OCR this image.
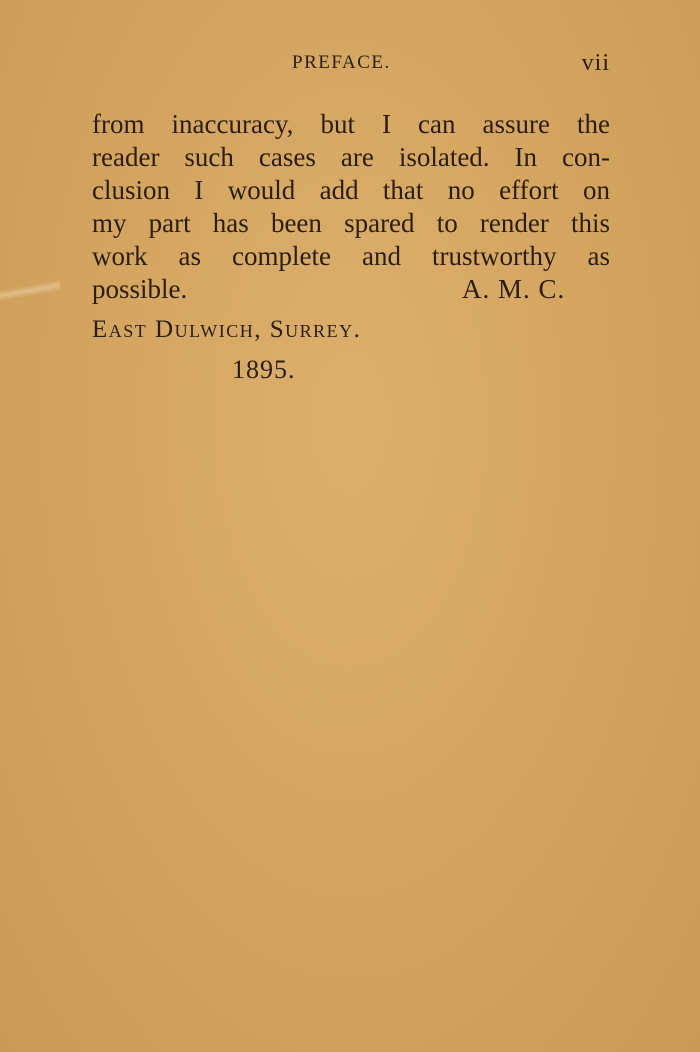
PREFACE.	vii
from inaccuracy, but I can assure the
reader such cases are isolated. In con-
clusion I would add that no effort on
my part has been spared to render this
work as complete and trustworthy as
possible.	A. M. C.
East Dulwich, Surrey.
1895.
